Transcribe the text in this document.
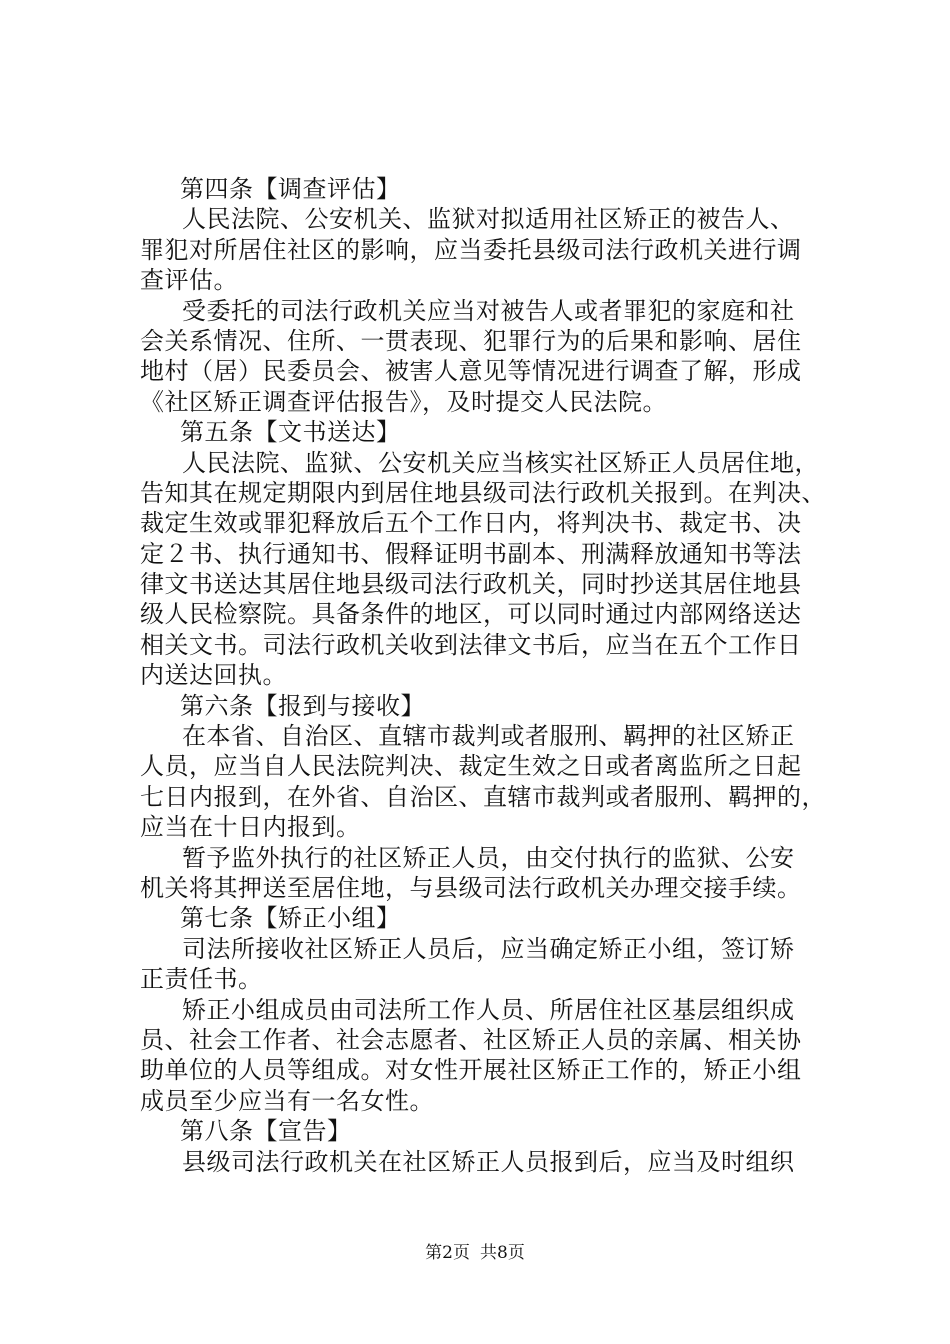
第四条【调查评估】
人民法院、公安机关、监狱对拟适用社区矫正的被告人、
罪犯对所居住社区的影响，应当委托县级司法行政机关进行调
查评估。
受委托的司法行政机关应当对被告人或者罪犯的家庭和社
会关系情况、住所、一贯表现、犯罪行为的后果和影响、居住
地村（居）民委员会、被害人意见等情况进行调查了解，形成
《社区矫正调查评估报告》，及时提交人民法院。
第五条【文书送达】
人民法院、监狱、公安机关应当核实社区矫正人员居住地，
告知其在规定期限内到居住地县级司法行政机关报到。在判决、
裁定生效或罪犯释放后五个工作日内，将判决书、裁定书、决
定２书、执行通知书、假释证明书副本、刑满释放通知书等法
律文书送达其居住地县级司法行政机关，同时抄送其居住地县
级人民检察院。具备条件的地区，可以同时通过内部网络送达
相关文书。司法行政机关收到法律文书后，应当在五个工作日
内送达回执。
第六条【报到与接收】
在本省、自治区、直辖市裁判或者服刑、羁押的社区矫正
人员，应当自人民法院判决、裁定生效之日或者离监所之日起
七日内报到，在外省、自治区、直辖市裁判或者服刑、羁押的，
应当在十日内报到。
暂予监外执行的社区矫正人员，由交付执行的监狱、公安
机关将其押送至居住地，与县级司法行政机关办理交接手续。
第七条【矫正小组】
司法所接收社区矫正人员后，应当确定矫正小组，签订矫
正责任书。
矫正小组成员由司法所工作人员、所居住社区基层组织成
员、社会工作者、社会志愿者、社区矫正人员的亲属、相关协
助单位的人员等组成。对女性开展社区矫正工作的，矫正小组
成员至少应当有一名女性。
第八条【宣告】
县级司法行政机关在社区矫正人员报到后，应当及时组织
第2页 共8页
